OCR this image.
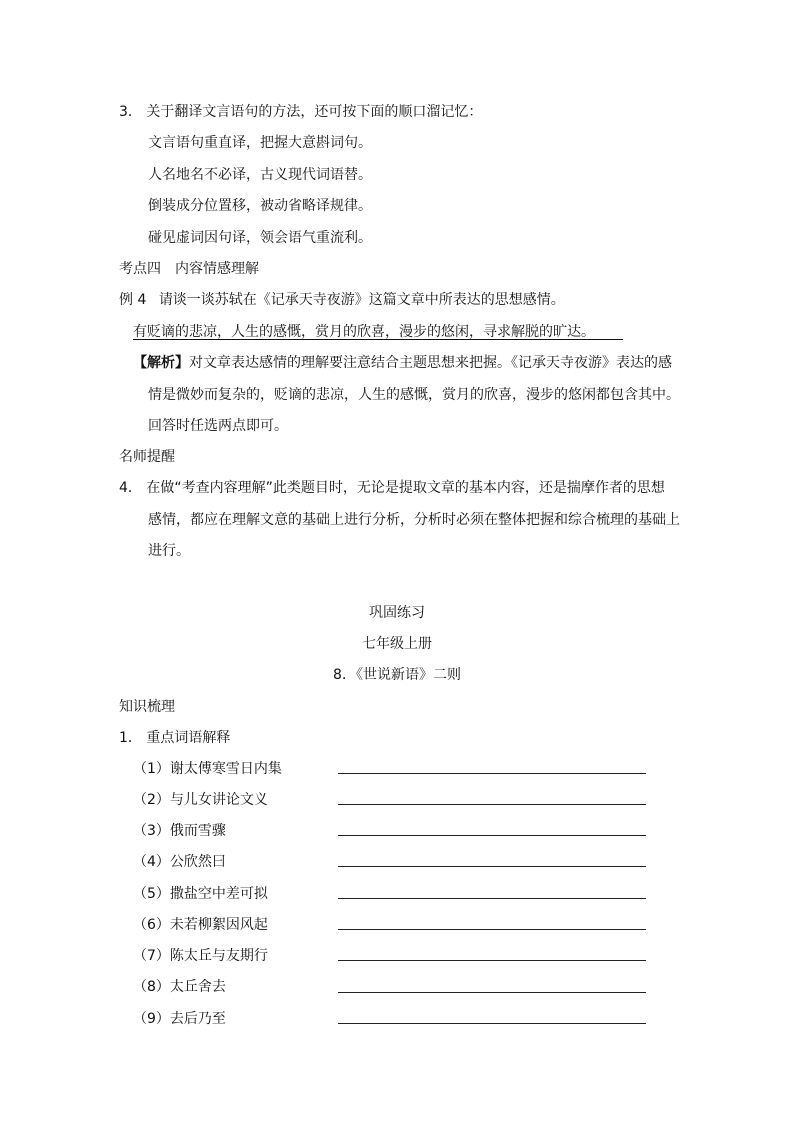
3． 关于翻译文言语句的方法，还可按下面的顺口溜记忆：
文言语句重直译，把握大意斟词句。
人名地名不必译，古义现代词语替。
倒装成分位置移，被动省略译规律。
碰见虚词因句译，领会语气重流利。
考点四　内容情感理解
例 4 请谈一谈苏轼在《记承天寺夜游》这篇文章中所表达的思想感情。
有贬谪的悲凉，人生的感慨，赏月的欣喜，漫步的悠闲，寻求解脱的旷达。  
【解析】对文章表达感情的理解要注意结合主题思想来把握。《记承天寺夜游》表达的感
情是微妙而复杂的，贬谪的悲凉，人生的感慨，赏月的欣喜，漫步的悠闲都包含其中。
回答时任选两点即可。
名师提醒
4． 在做“考查内容理解”此类题目时，无论是提取文章的基本内容，还是揣摩作者的思想
感情，都应在理解文意的基础上进行分析，分析时必须在整体把握和综合梳理的基础上
进行。
巩固练习
七年级上册
8．《世说新语》二则
知识梳理
1． 重点词语解释
（1）谢太傅寒雪日内集
（2）与儿女讲论文义
（3）俄而雪骤
（4）公欣然曰
（5）撒盐空中差可拟
（6）未若柳絮因风起
（7）陈太丘与友期行
（8）太丘舍去
（9）去后乃至
